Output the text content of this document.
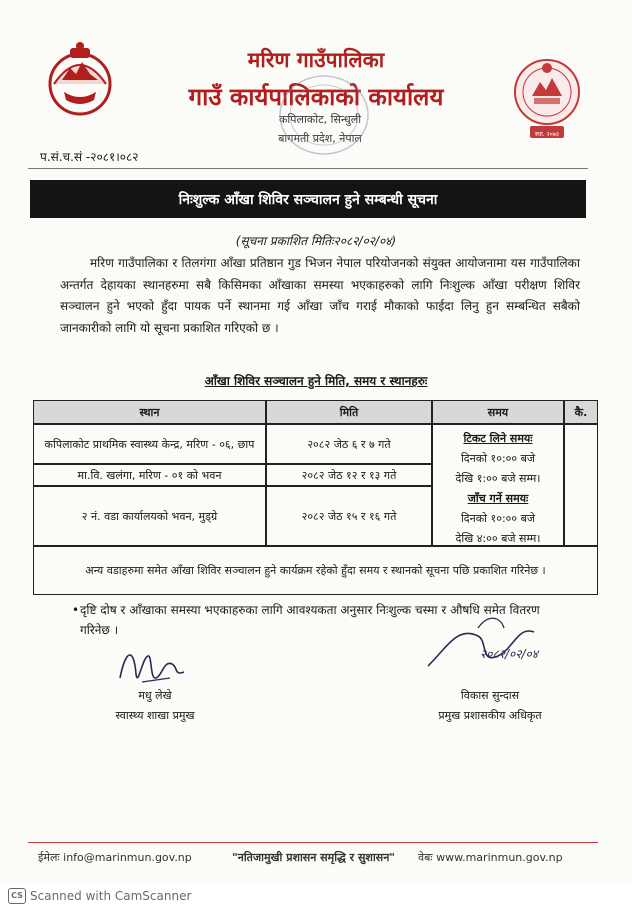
मरिण गाउँपालिका
गाउँ कार्यपालिकाको कार्यालय
कपिलाकोट, सिन्धुली
बागमती प्रदेश, नेपाल	स्था. २०७३
प.सं.च.सं -२०८१।०८२
निःशुल्क आँखा शिविर सञ्चालन हुने सम्बन्धी सूचना
(सूचना प्रकाशित मितिः२०८२/०२/०४)

मरिण गाउँपालिका र तिलगंगा आँखा प्रतिष्ठान गुड भिजन नेपाल परियोजनको संयुक्त आयोजनामा यस गाउँपालिका अन्तर्गत देहायका स्थानहरुमा सबै किसिमका आँखाका समस्या भएकाहरुको लागि निःशुल्क आँखा परीक्षण शिविर सञ्चालन हुने भएको हुँदा पायक पर्ने स्थानमा गई आँखा जाँच गराई मौकाको फाईदा लिनु हुन सम्बन्धित सबैको जानकारीको लागि यो सूचना प्रकाशित गरिएको छ ।

आँखा शिविर सञ्चालन हुने मिति, समय र स्थानहरुः
स्थान	मिति	समय	कै.
कपिलाकोट प्राथमिक स्वास्थ्य केन्द्र, मरिण - ०६, छाप	२०८२ जेठ ६ र ७ गते
मा.वि. खलंगा, मरिण - ०१ को भवन	२०८२ जेठ १२ र १३ गते
२ नं. वडा कार्यालयको भवन, मुड्ग्रे	२०८२ जेठ १५ र १६ गते
टिकट लिने समयः
दिनको १०:०० बजे
देखि १:०० बजे सम्म।
जाँच गर्ने समयः
दिनको १०:०० बजे
देखि ४:०० बजे सम्म।
अन्य वडाहरुमा समेत आँखा शिविर सञ्चालन हुने कार्यक्रम रहेको हुँदा समय र स्थानको सूचना पछि प्रकाशित गरिनेछ ।

• दृष्टि दोष र आँखाका समस्या भएकाहरुका लागि आवश्यकता अनुसार निःशुल्क चस्मा र औषधि समेत वितरण गरिनेछ ।

मधु लेखे
स्वास्थ्य शाखा प्रमुख
२०८२/०२/०४
विकास सुन्दास
प्रमुख प्रशासकीय अधिकृत
ईमेलः info@marinmun.gov.np	"नतिजामुखी प्रशासन समृद्धि र सुशासन" वेबः www.marinmun.gov.np
CS Scanned with CamScanner
